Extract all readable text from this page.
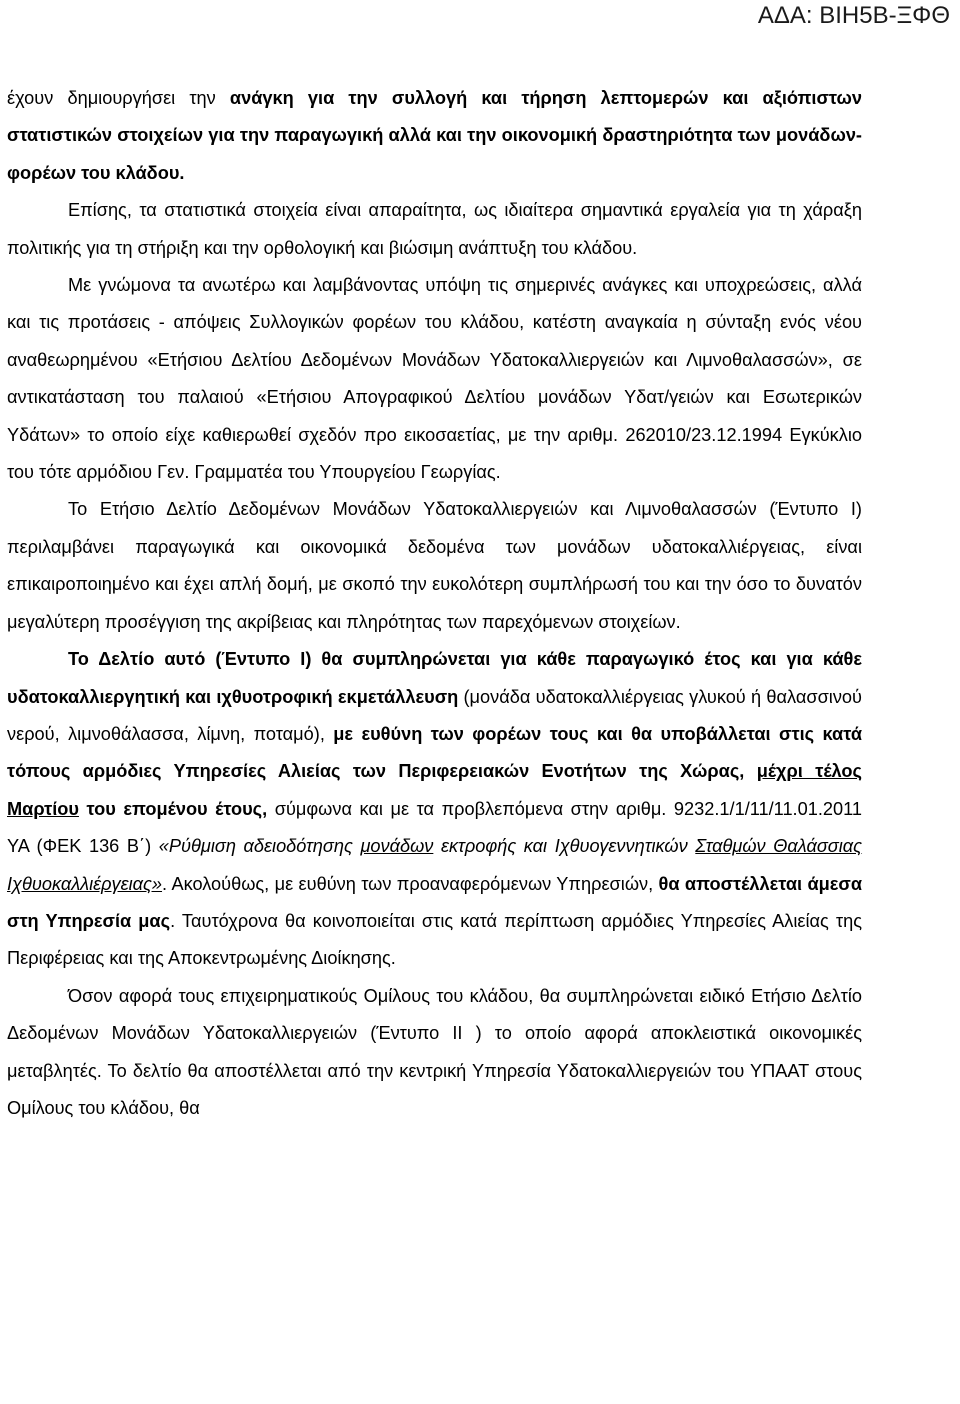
ΑΔΑ: ΒΙΗ5Β-ΞΦΘ

έχουν δημιουργήσει την ανάγκη για την συλλογή και τήρηση λεπτομερών και αξιόπιστων στατιστικών στοιχείων για την παραγωγική αλλά και την οικονομική δραστηριότητα των μονάδων-φορέων του κλάδου.

Επίσης, τα στατιστικά στοιχεία είναι απαραίτητα, ως ιδιαίτερα σημαντικά εργαλεία για τη χάραξη πολιτικής για τη στήριξη και την ορθολογική και βιώσιμη ανάπτυξη του κλάδου.

Με γνώμονα τα ανωτέρω και λαμβάνοντας υπόψη τις σημερινές ανάγκες και υποχρεώσεις, αλλά και τις προτάσεις - απόψεις Συλλογικών φορέων του κλάδου, κατέστη αναγκαία η σύνταξη ενός νέου αναθεωρημένου «Ετήσιου Δελτίου Δεδομένων Μονάδων Υδατοκαλλιεργειών και Λιμνοθαλασσών», σε αντικατάσταση του παλαιού «Ετήσιου Απογραφικού Δελτίου μονάδων Υδατ/γειών και Εσωτερικών Υδάτων» το οποίο είχε καθιερωθεί σχεδόν προ εικοσαετίας, με την αριθμ. 262010/23.12.1994 Εγκύκλιο του τότε αρμόδιου Γεν. Γραμματέα του Υπουργείου Γεωργίας.

Το Ετήσιο Δελτίο Δεδομένων Μονάδων Υδατοκαλλιεργειών και Λιμνοθαλασσών (Έντυπο Ι) περιλαμβάνει παραγωγικά και οικονομικά δεδομένα των μονάδων υδατοκαλλιέργειας, είναι επικαιροποιημένο και έχει απλή δομή, με σκοπό την ευκολότερη συμπλήρωσή του και την όσο το δυνατόν μεγαλύτερη προσέγγιση της ακρίβειας και πληρότητας των παρεχόμενων στοιχείων.

Το Δελτίο αυτό (Έντυπο Ι) θα συμπληρώνεται για κάθε παραγωγικό έτος και για κάθε υδατοκαλλιεργητική και ιχθυοτροφική εκμετάλλευση (μονάδα υδατοκαλλιέργειας γλυκού ή θαλασσινού νερού, λιμνοθάλασσα, λίμνη, ποταμό), με ευθύνη των φορέων τους και θα υποβάλλεται στις κατά τόπους αρμόδιες Υπηρεσίες Αλιείας των Περιφερειακών Ενοτήτων της Χώρας, μέχρι τέλος Μαρτίου του επομένου έτους, σύμφωνα και με τα προβλεπόμενα στην αριθμ. 9232.1/1/11/11.01.2011 ΥΑ (ΦΕΚ 136 Β΄) «Ρύθμιση αδειοδότησης μονάδων εκτροφής και Ιχθυογεννητικών Σταθμών Θαλάσσιας Ιχθυοκαλλιέργειας». Ακολούθως, με ευθύνη των προαναφερόμενων Υπηρεσιών, θα αποστέλλεται άμεσα στη Υπηρεσία μας. Ταυτόχρονα θα κοινοποιείται στις κατά περίπτωση αρμόδιες Υπηρεσίες Αλιείας της Περιφέρειας και της Αποκεντρωμένης Διοίκησης.

Όσον αφορά τους επιχειρηματικούς Ομίλους του κλάδου, θα συμπληρώνεται ειδικό Ετήσιο Δελτίο Δεδομένων Μονάδων Υδατοκαλλιεργειών (Έντυπο ΙΙ ) το οποίο αφορά αποκλειστικά οικονομικές μεταβλητές. Το δελτίο θα αποστέλλεται από την κεντρική Υπηρεσία Υδατοκαλλιεργειών του ΥΠΑΑΤ στους Ομίλους του κλάδου, θα
